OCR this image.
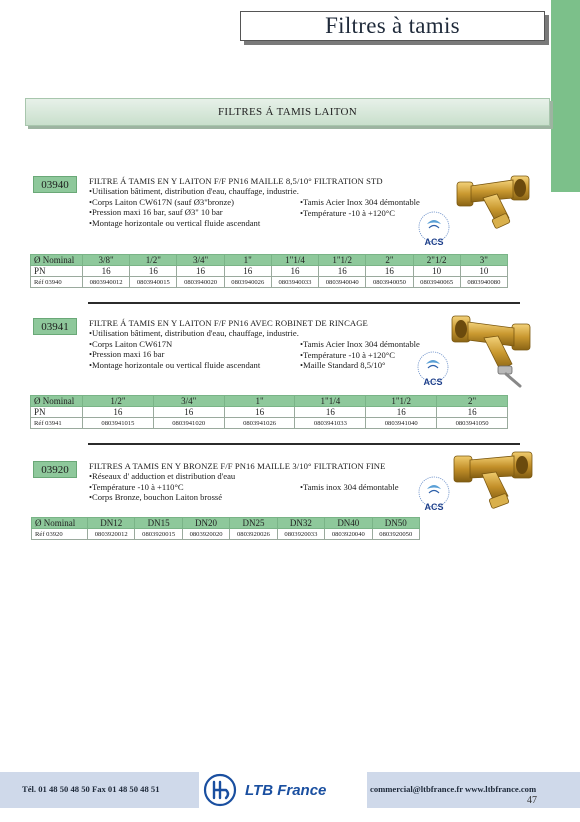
Filtres à tamis
FILTRES Á TAMIS LAITON
03940	FILTRE Á TAMIS EN Y LAITON F/F PN16 MAILLE 8,5/10° FILTRATION STD
• Utilisation bâtiment, distribution d'eau, chauffage, industrie.
• Corps Laiton CW617N (sauf Ø3"bronze)
• Pression maxi 16 bar, sauf Ø3" 10 bar
• Montage horizontale ou vertical fluide ascendant
• Tamis Acier Inox 304 démontable
• Température -10 à +120°C
ACS
Ø Nominal	3/8"	1/2"	3/4"	1"	1"1/4	1"1/2	2"	2"1/2	3"
PN	16	16	16	16	16	16	16	10	10
Réf 03940	0803940012	0803940015	0803940020	0803940026	0803940033	0803940040	0803940050	0803940065	0803940080
03941	FILTRE Á TAMIS EN Y LAITON F/F PN16 AVEC ROBINET DE RINCAGE
• Utilisation bâtiment, distribution d'eau, chauffage, industrie.
• Corps Laiton CW617N
• Pression maxi 16 bar
• Montage horizontale ou vertical fluide ascendant
• Tamis Acier Inox 304 démontable
• Température -10 à +120°C
• Maille Standard 8,5/10°
ACS
Ø Nominal	1/2"	3/4"	1"	1"1/4	1"1/2	2"
PN	16	16	16	16	16	16
Réf 03941	0803941015	0803941020	0803941026	0803941033	0803941040	0803941050
03920	FILTRES A TAMIS EN Y BRONZE F/F PN16 MAILLE 3/10° FILTRATION FINE
• Réseaux d' adduction et distribution d'eau
• Température -10 à +110°C
• Corps Bronze, bouchon Laiton brossé
• Tamis inox 304 démontable
ACS
Ø Nominal	DN12	DN15	DN20	DN25	DN32	DN40	DN50
Réf 03920	0803920012	0803920015	0803920020	0803920026	0803920033	0803920040	0803920050
Tél. 01 48 50 48 50 Fax 01 48 50 48 51	commercial@ltbfrance.fr www.ltbfrance.com
LTB France
47
